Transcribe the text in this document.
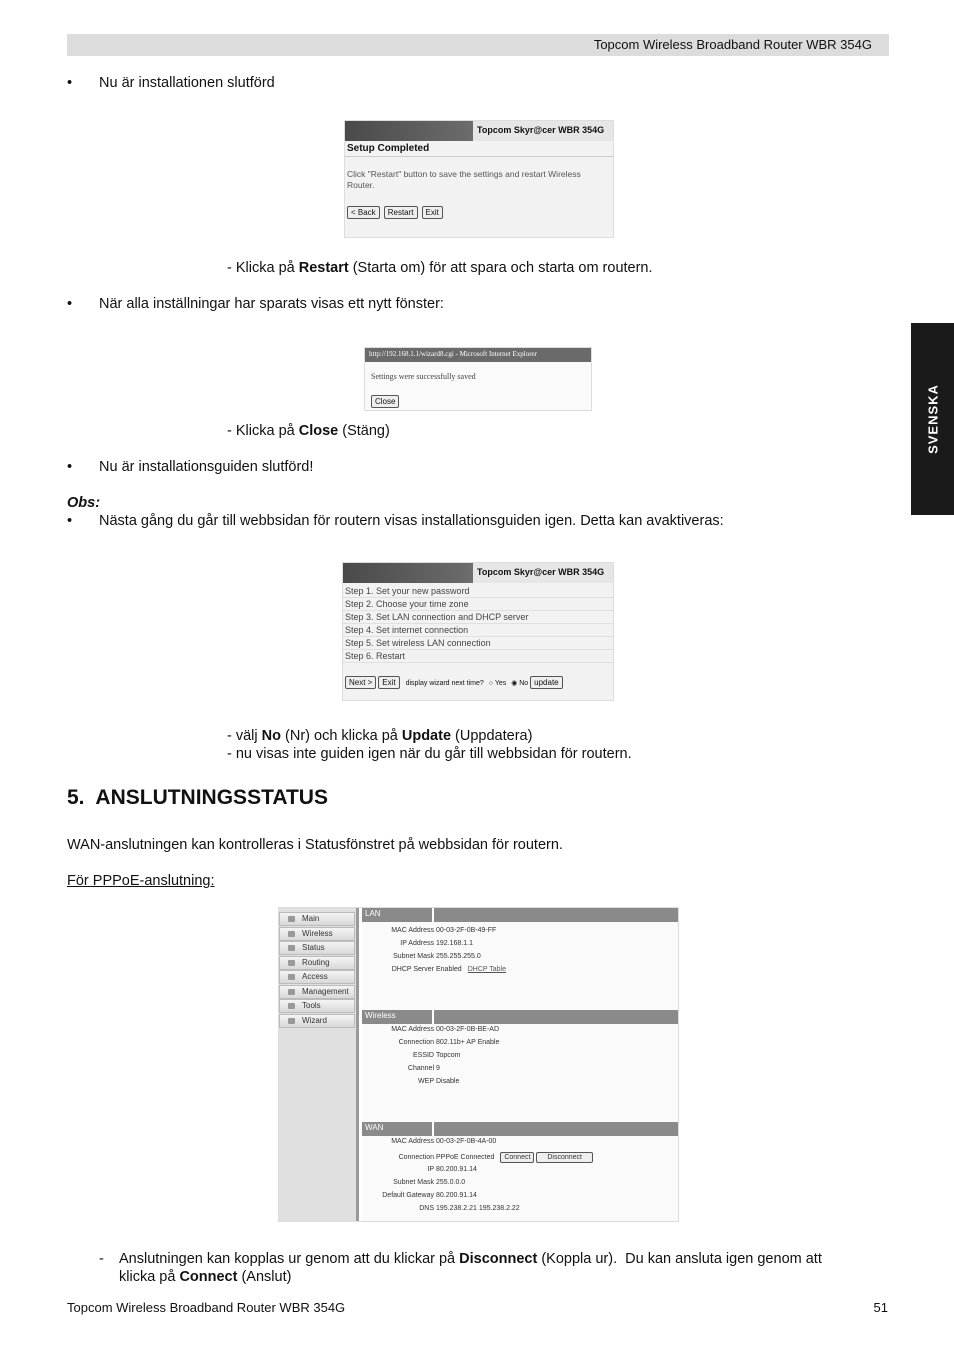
Topcom Wireless Broadband Router WBR 354G
SVENSKA
• Nu är installationen slutförd
Topcom Skyr@cer WBR 354G
Setup Completed
Click "Restart" button to save the settings and restart Wireless Router.
< Back Restart Exit
- Klicka på Restart (Starta om) för att spara och starta om routern.
• När alla inställningar har sparats visas ett nytt fönster:
http://192.168.1.1/wizard8.cgi - Microsoft Internet Explorer
Settings were successfully saved
Close
- Klicka på Close (Stäng)
• Nu är installationsguiden slutförd!
Obs:
• Nästa gång du går till webbsidan för routern visas installationsguiden igen. Detta kan avaktiveras:
Topcom Skyr@cer WBR 354G
Step 1. Set your new password
Step 2. Choose your time zone
Step 3. Set LAN connection and DHCP server
Step 4. Set internet connection
Step 5. Set wireless LAN connection
Step 6. Restart
Next > Exit display wizard next time? ○ Yes ◉ No update
- välj No (Nr) och klicka på Update (Uppdatera)
- nu visas inte guiden igen när du går till webbsidan för routern.
5.  ANSLUTNINGSSTATUS
WAN-anslutningen kan kontrolleras i Statusfönstret på webbsidan för routern.
För PPPoE-anslutning:
Main
Wireless
Status
Routing
Access
Management
Tools
Wizard
LAN
MAC Address 00-03-2F-0B-49-FF
IP Address 192.168.1.1
Subnet Mask 255.255.255.0
DHCP Server Enabled DHCP Table
Wireless
MAC Address 00-03-2F-0B-BE-AD
Connection 802.11b+ AP Enable
ESSID Topcom
Channel 9
WEP Disable
WAN
MAC Address 00-03-2F-0B-4A-00
Connection PPPoE Connected Connect Disconnect
IP 80.200.91.14
Subnet Mask 255.0.0.0
Default Gateway 80.200.91.14
DNS 195.238.2.21 195.238.2.22
- Anslutningen kan kopplas ur genom att du klickar på Disconnect (Koppla ur).  Du kan ansluta igen genom att
klicka på Connect (Anslut)
Topcom Wireless Broadband Router WBR 354G	51
